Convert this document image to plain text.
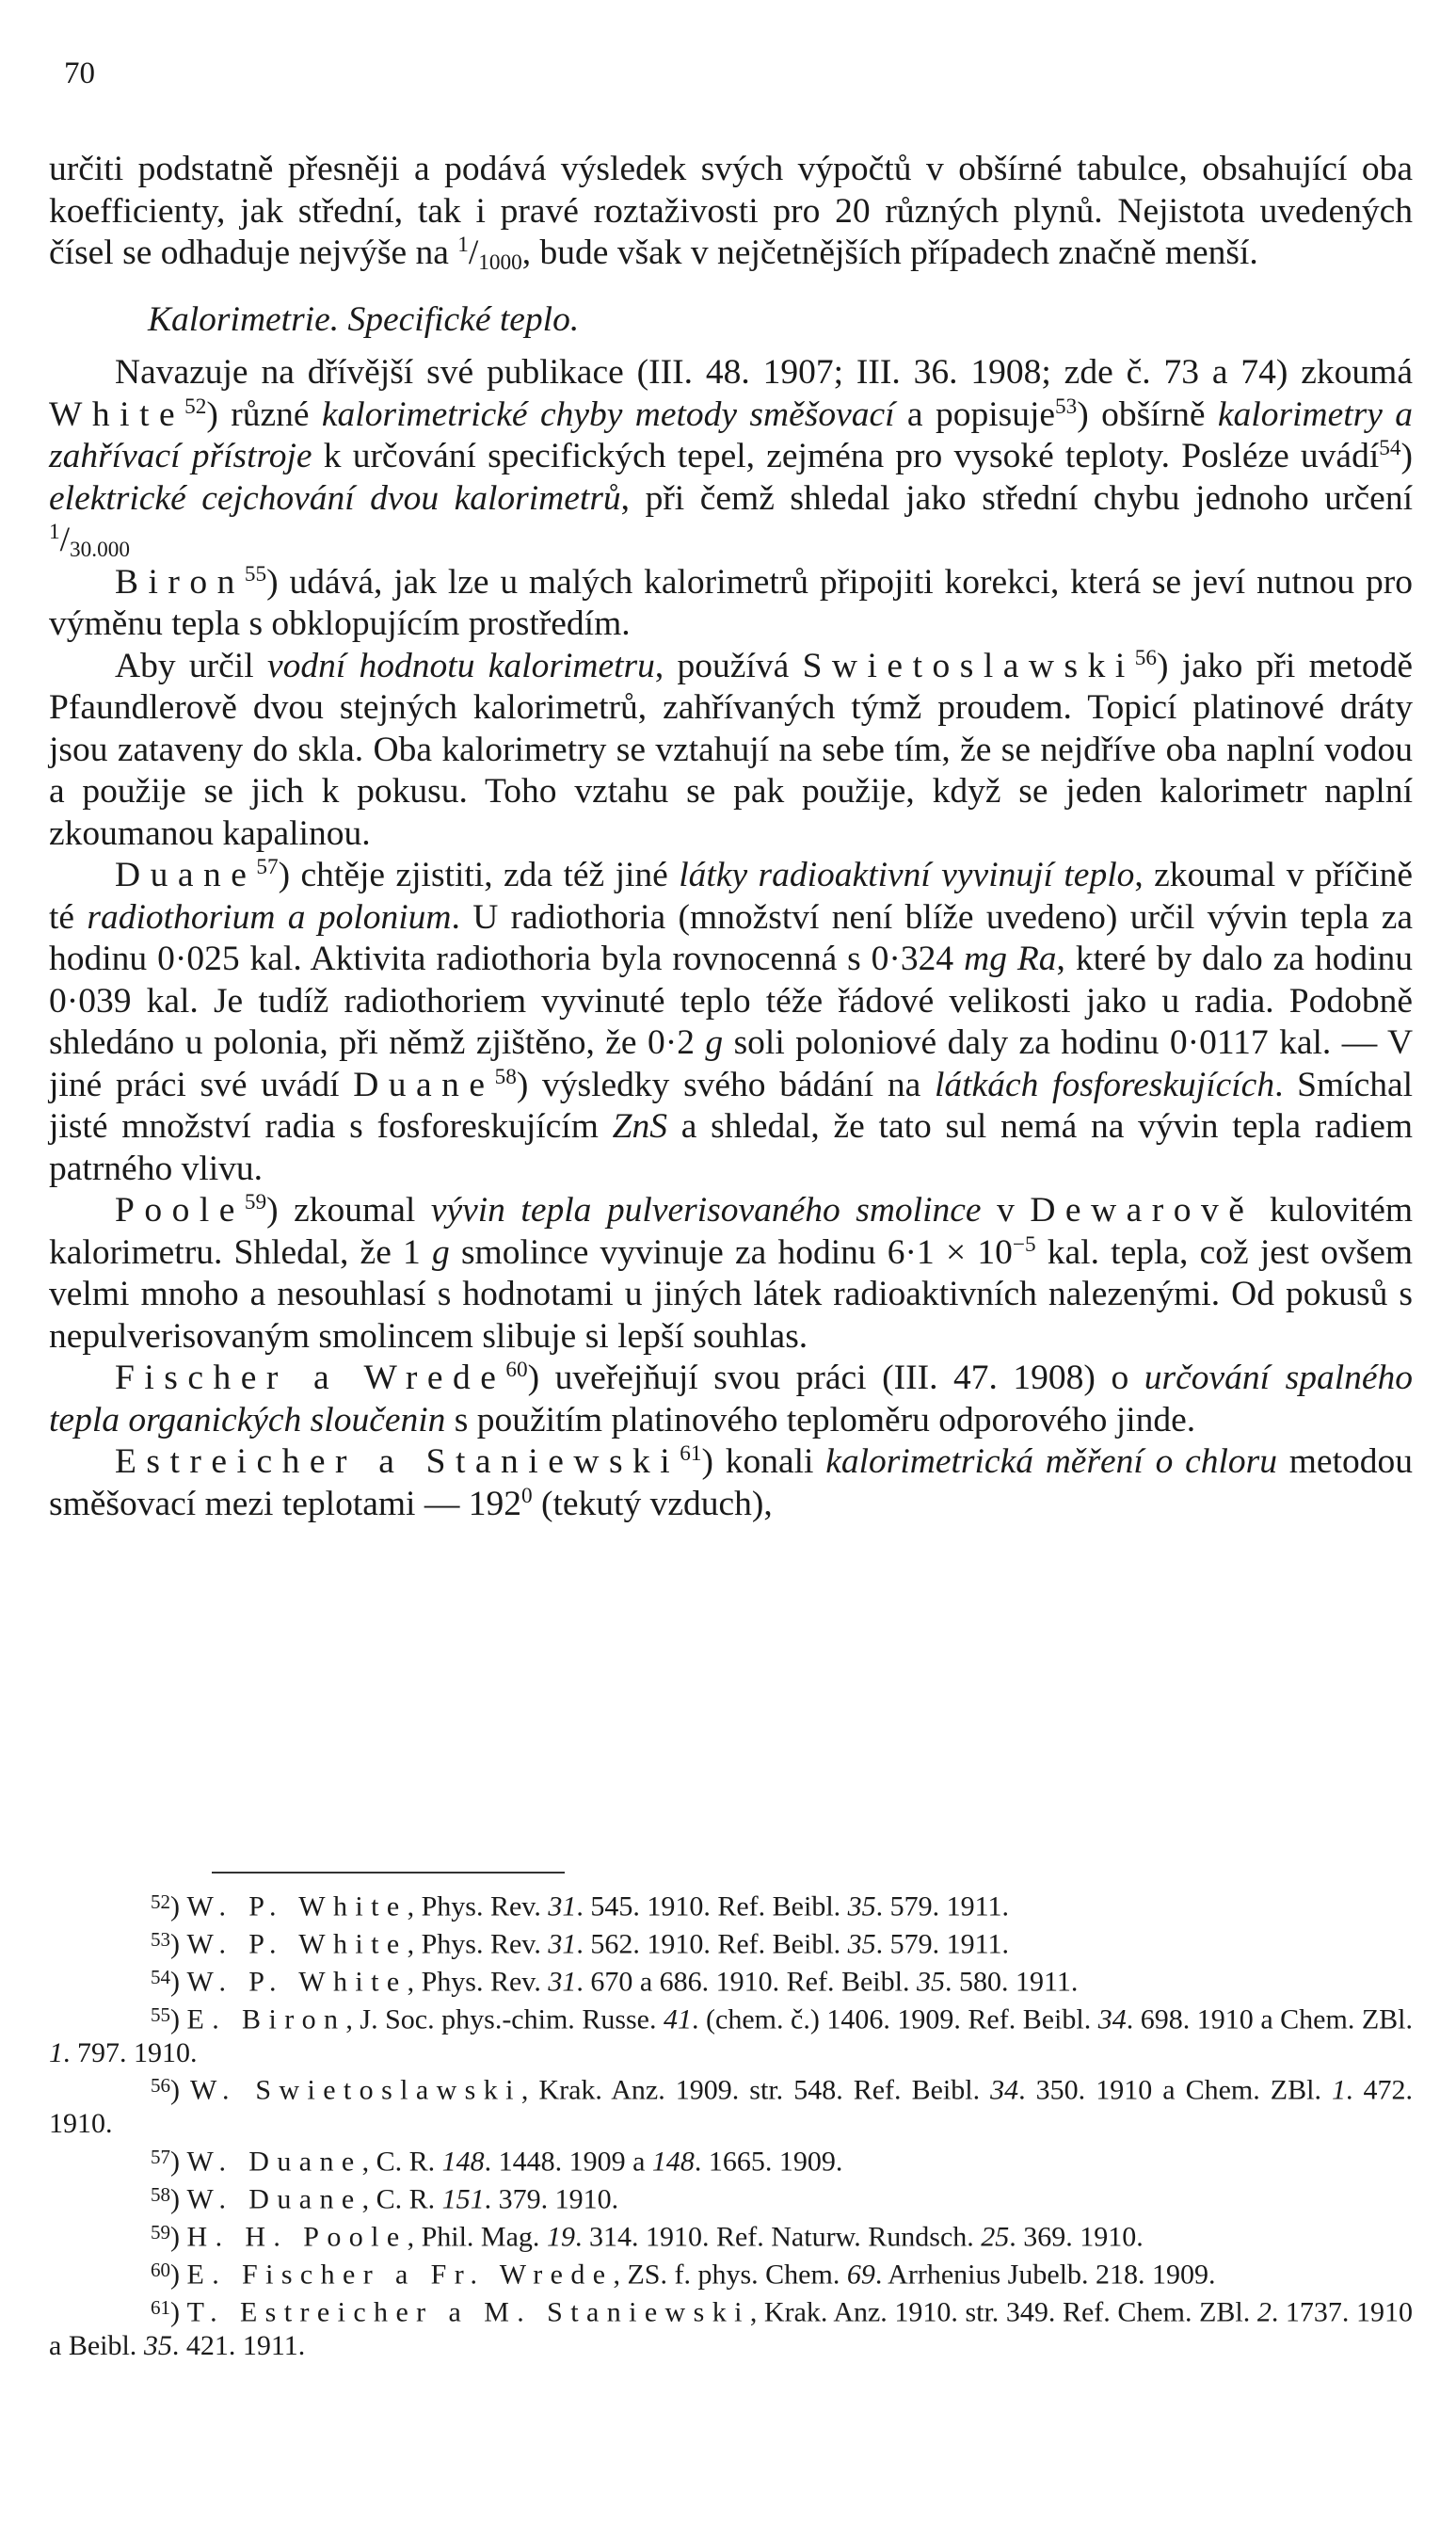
70

určiti podstatně přesněji a podává výsledek svých výpočtů v obšírné tabulce, obsahující oba koefficienty, jak střední, tak i pravé roztaživosti pro 20 různých plynů. Nejistota uvedených čísel se odhaduje nejvýše na $^1/_{1000}$, bude však v nejčetnějších případech značně menší.

Kalorimetrie. Specifické teplo.

Navazuje na dřívější své publikace (III. 48. 1907; III. 36. 1908; zde č. 73 a 74) zkoumá White$^{52}$) různé kalorimetrické chyby metody směšovací a popisuje$^{53}$) obšírně kalorimetry a zahřívací přístroje k určování specifických tepel, zejména pro vysoké teploty. Posléze uvádí$^{54}$) elektrické cejchování dvou kalorimetrů, při čemž shledal jako střední chybu jednoho určení $^1/_{30.000}$

Biron$^{55}$) udává, jak lze u malých kalorimetrů připojiti korekci, která se jeví nutnou pro výměnu tepla s obklopujícím prostředím.

Aby určil vodní hodnotu kalorimetru, používá Swietoslawski$^{56}$) jako při metodě Pfaundlerově dvou stejných kalorimetrů, zahřívaných týmž proudem. Topicí platinové dráty jsou zataveny do skla. Oba kalorimetry se vztahují na sebe tím, že se nejdříve oba naplní vodou a použije se jich k pokusu. Toho vztahu se pak použije, když se jeden kalorimetr naplní zkoumanou kapalinou.

Duane$^{57}$) chtěje zjistiti, zda též jiné látky radioaktivní vyvinují teplo, zkoumal v příčině té radiothorium a polonium. U radiothoria (množství není blíže uvedeno) určil vývin tepla za hodinu 0·025 kal. Aktivita radiothoria byla rovnocenná s 0·324 mg Ra, které by dalo za hodinu 0·039 kal. Je tudíž radiothoriem vyvinuté teplo téže řádové velikosti jako u radia. Podobně shledáno u polonia, při němž zjištěno, že 0·2 g soli poloniové daly za hodinu 0·0117 kal. — V jiné práci své uvádí Duane$^{58}$) výsledky svého bádání na látkách fosforeskujících. Smíchal jisté množství radia s fosforeskujícím ZnS a shledal, že tato sul nemá na vývin tepla radiem patrného vlivu.

Poole$^{59}$) zkoumal vývin tepla pulverisovaného smolince v Dewarově kulovitém kalorimetru. Shledal, že 1 g smolince vyvinuje za hodinu $6\cdot 1 \times 10^{-5}$ kal. tepla, což jest ovšem velmi mnoho a nesouhlasí s hodnotami u jiných látek radioaktivních nalezenými. Od pokusů s nepulverisovaným smolincem slibuje si lepší souhlas.

Fischer a Wrede$^{60}$) uveřejňují svou práci (III. 47. 1908) o určování spalného tepla organických sloučenin s použitím platinového teploměru odporového jinde.

Estreicher a Staniewski$^{61}$) konali kalorimetrická měření o chloru metodou směšovací mezi teplotami — $192^0$ (tekutý vzduch),

$^{52}$) W. P. White, Phys. Rev. 31. 545. 1910. Ref. Beibl. 35. 579. 1911.

$^{53}$) W. P. White, Phys. Rev. 31. 562. 1910. Ref. Beibl. 35. 579. 1911.

$^{54}$) W. P. White, Phys. Rev. 31. 670 a 686. 1910. Ref. Beibl. 35. 580. 1911.

$^{55}$) E. Biron, J. Soc. phys.-chim. Russe. 41. (chem. č.) 1406. 1909. Ref. Beibl. 34. 698. 1910 a Chem. ZBl. 1. 797. 1910.

$^{56}$) W. Swietoslawski, Krak. Anz. 1909. str. 548. Ref. Beibl. 34. 350. 1910 a Chem. ZBl. 1. 472. 1910.

$^{57}$) W. Duane, C. R. 148. 1448. 1909 a 148. 1665. 1909.

$^{58}$) W. Duane, C. R. 151. 379. 1910.

$^{59}$) H. H. Poole, Phil. Mag. 19. 314. 1910. Ref. Naturw. Rundsch. 25. 369. 1910.

$^{60}$) E. Fischer a Fr. Wrede, ZS. f. phys. Chem. 69. Arrhenius Jubelb. 218. 1909.

$^{61}$) T. Estreicher a M. Staniewski, Krak. Anz. 1910. str. 349. Ref. Chem. ZBl. 2. 1737. 1910 a Beibl. 35. 421. 1911.
